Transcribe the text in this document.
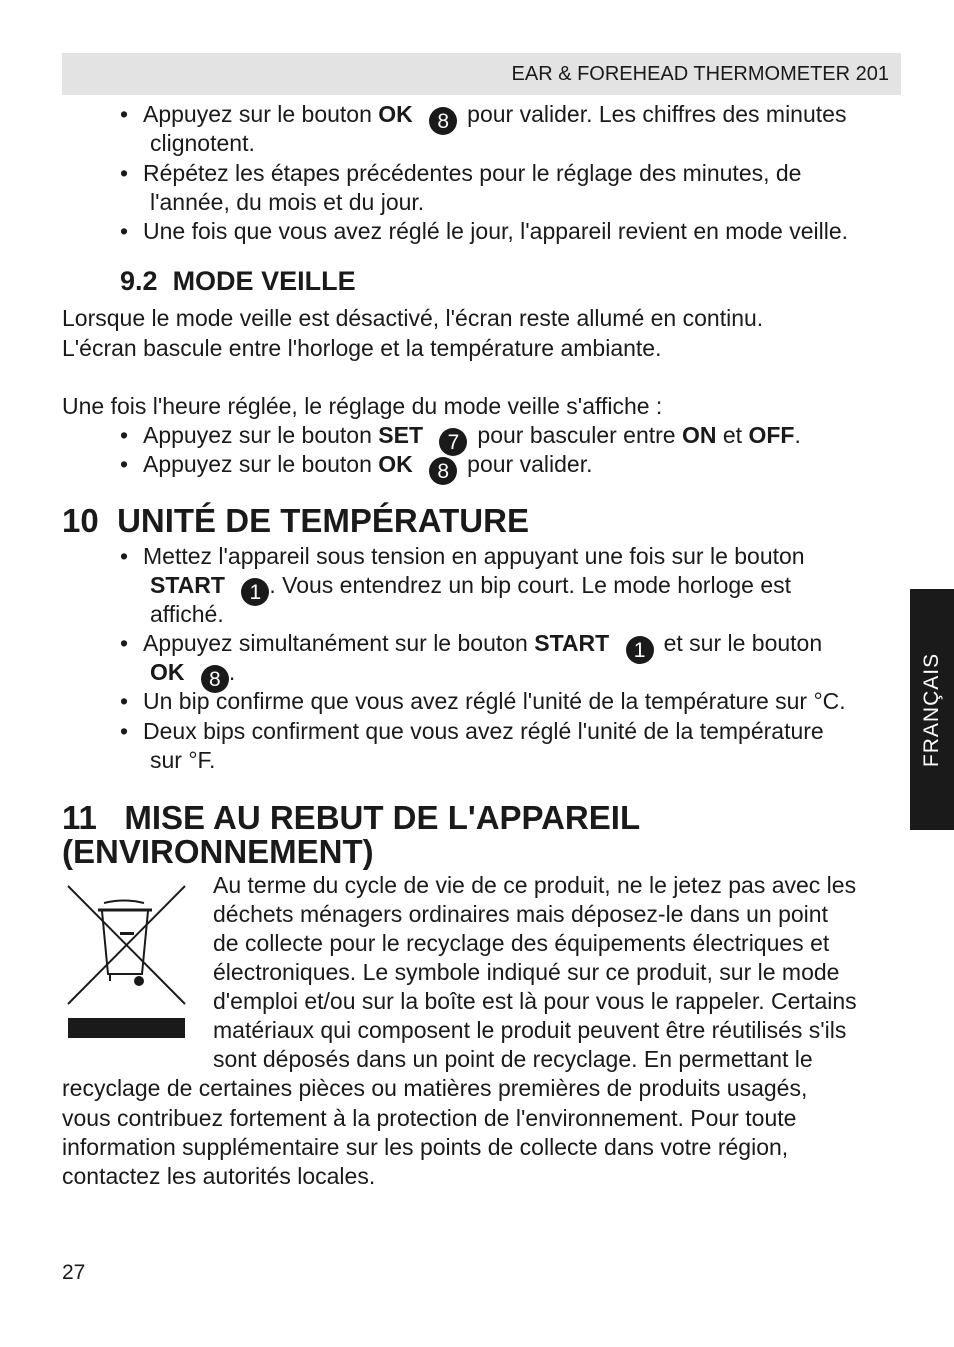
EAR & FOREHEAD THERMOMETER 201
FRANÇAIS
• Appuyez sur le bouton OK 8 pour valider. Les chiffres des minutes
clignotent.
• Répétez les étapes précédentes pour le réglage des minutes, de
l'année, du mois et du jour.
• Une fois que vous avez réglé le jour, l'appareil revient en mode veille.
9.2 MODE VEILLE
Lorsque le mode veille est désactivé, l'écran reste allumé en continu.
L'écran bascule entre l'horloge et la température ambiante.
Une fois l'heure réglée, le réglage du mode veille s'affiche :
• Appuyez sur le bouton SET 7 pour basculer entre ON et OFF.
• Appuyez sur le bouton OK 8 pour valider.
10 UNITÉ DE TEMPÉRATURE
• Mettez l'appareil sous tension en appuyant une fois sur le bouton
START 1 . Vous entendrez un bip court. Le mode horloge est
affiché.
• Appuyez simultanément sur le bouton START 1 et sur le bouton
OK 8 .
• Un bip confirme que vous avez réglé l'unité de la température sur °C.
• Deux bips confirment que vous avez réglé l'unité de la température
sur °F.
11   MISE AU REBUT DE L'APPAREIL
(ENVIRONNEMENT)
Au terme du cycle de vie de ce produit, ne le jetez pas avec les
déchets ménagers ordinaires mais déposez-le dans un point
de collecte pour le recyclage des équipements électriques et
électroniques. Le symbole indiqué sur ce produit, sur le mode
d'emploi et/ou sur la boîte est là pour vous le rappeler. Certains
matériaux qui composent le produit peuvent être réutilisés s'ils
sont déposés dans un point de recyclage. En permettant le
recyclage de certaines pièces ou matières premières de produits usagés,
vous contribuez fortement à la protection de l'environnement. Pour toute
information supplémentaire sur les points de collecte dans votre région,
contactez les autorités locales.
27
